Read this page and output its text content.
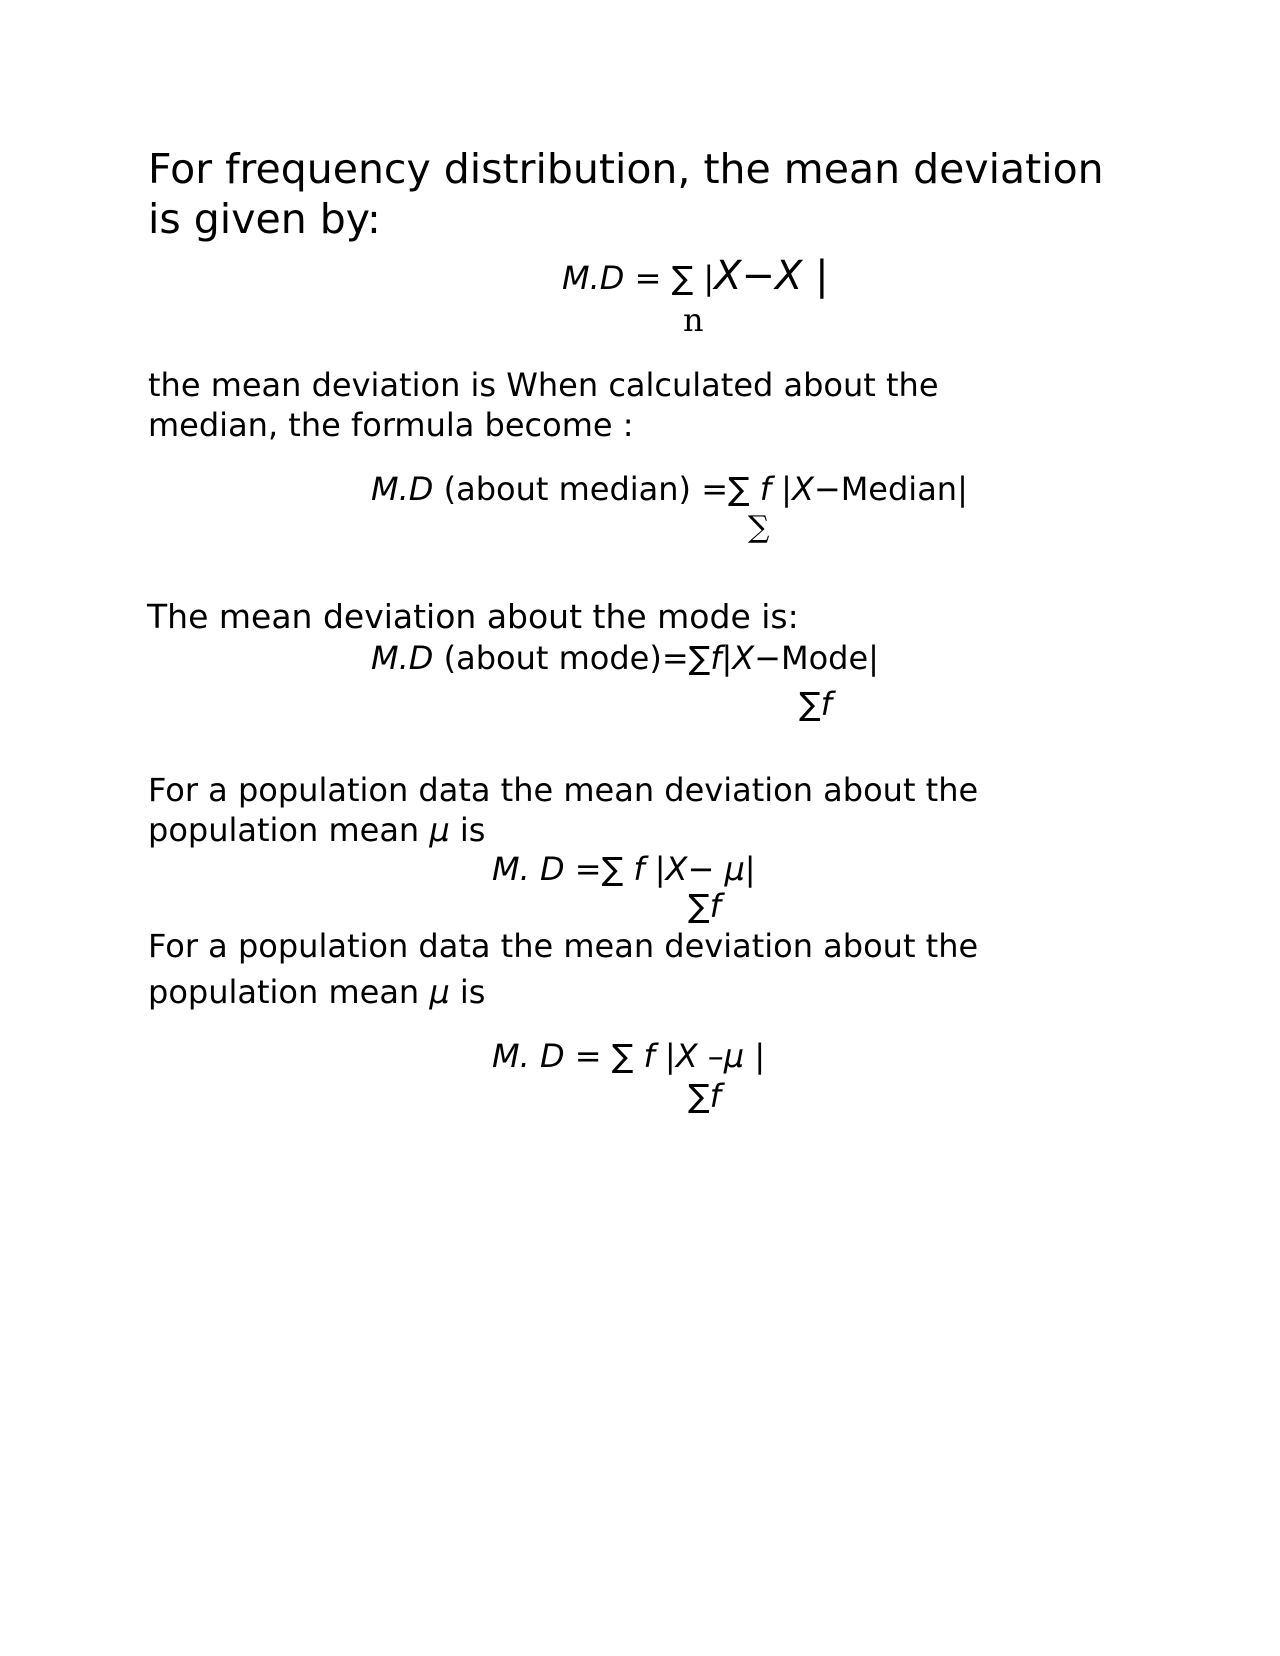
For frequency distribution, the mean deviation
is given by:
M.D = ∑ |X−X |
n
the mean deviation is When calculated about the
median, the formula become :
M.D (about median) =∑ f |X−Median|
∑
The mean deviation about the mode is:
M.D (about mode)=∑f|X−Mode|
∑f
For a population data the mean deviation about the
population mean μ is
M. D =∑ f |X− μ|
∑f
For a population data the mean deviation about the
population mean μ is
M. D = ∑ f |X –μ |
∑f
